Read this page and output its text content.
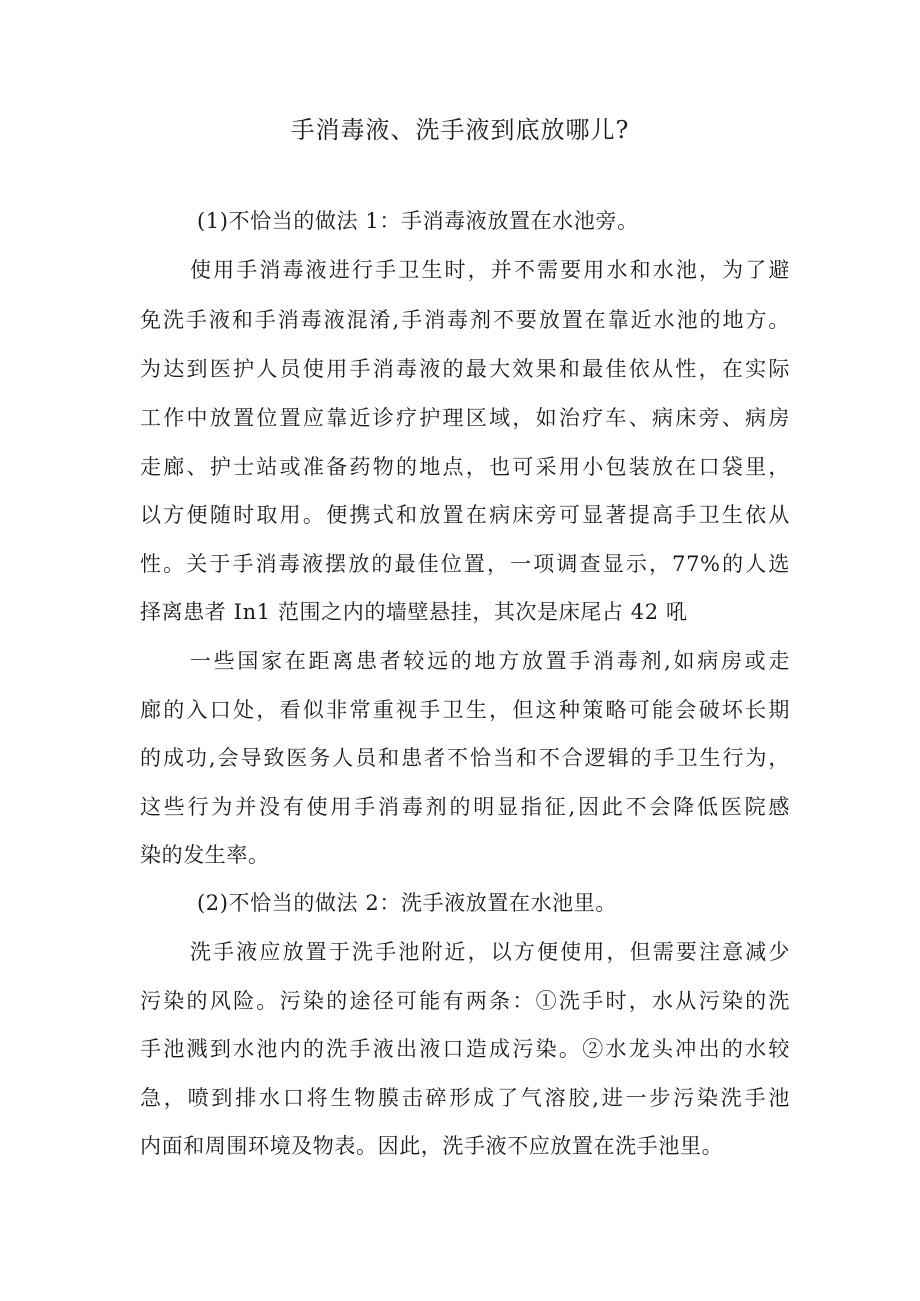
手消毒液、洗手液到底放哪儿?
(1)不恰当的做法 1：手消毒液放置在水池旁。
使用手消毒液进行手卫生时，并不需要用水和水池，为了避
免洗手液和手消毒液混淆,手消毒剂不要放置在靠近水池的地方。
为达到医护人员使用手消毒液的最大效果和最佳依从性，在实际
工作中放置位置应靠近诊疗护理区域，如治疗车、病床旁、病房
走廊、护士站或准备药物的地点，也可采用小包装放在口袋里，
以方便随时取用。便携式和放置在病床旁可显著提高手卫生依从
性。关于手消毒液摆放的最佳位置，一项调查显示，77%的人选
择离患者 In1 范围之内的墙壁悬挂，其次是床尾占 42 吼
一些国家在距离患者较远的地方放置手消毒剂,如病房或走
廊的入口处，看似非常重视手卫生，但这种策略可能会破坏长期
的成功,会导致医务人员和患者不恰当和不合逻辑的手卫生行为，
这些行为并没有使用手消毒剂的明显指征,因此不会降低医院感
染的发生率。
(2)不恰当的做法 2：洗手液放置在水池里。
洗手液应放置于洗手池附近，以方便使用，但需要注意减少
污染的风险。污染的途径可能有两条：①洗手时，水从污染的洗
手池溅到水池内的洗手液出液口造成污染。②水龙头冲出的水较
急，喷到排水口将生物膜击碎形成了气溶胶,进一步污染洗手池
内面和周围环境及物表。因此，洗手液不应放置在洗手池里。
